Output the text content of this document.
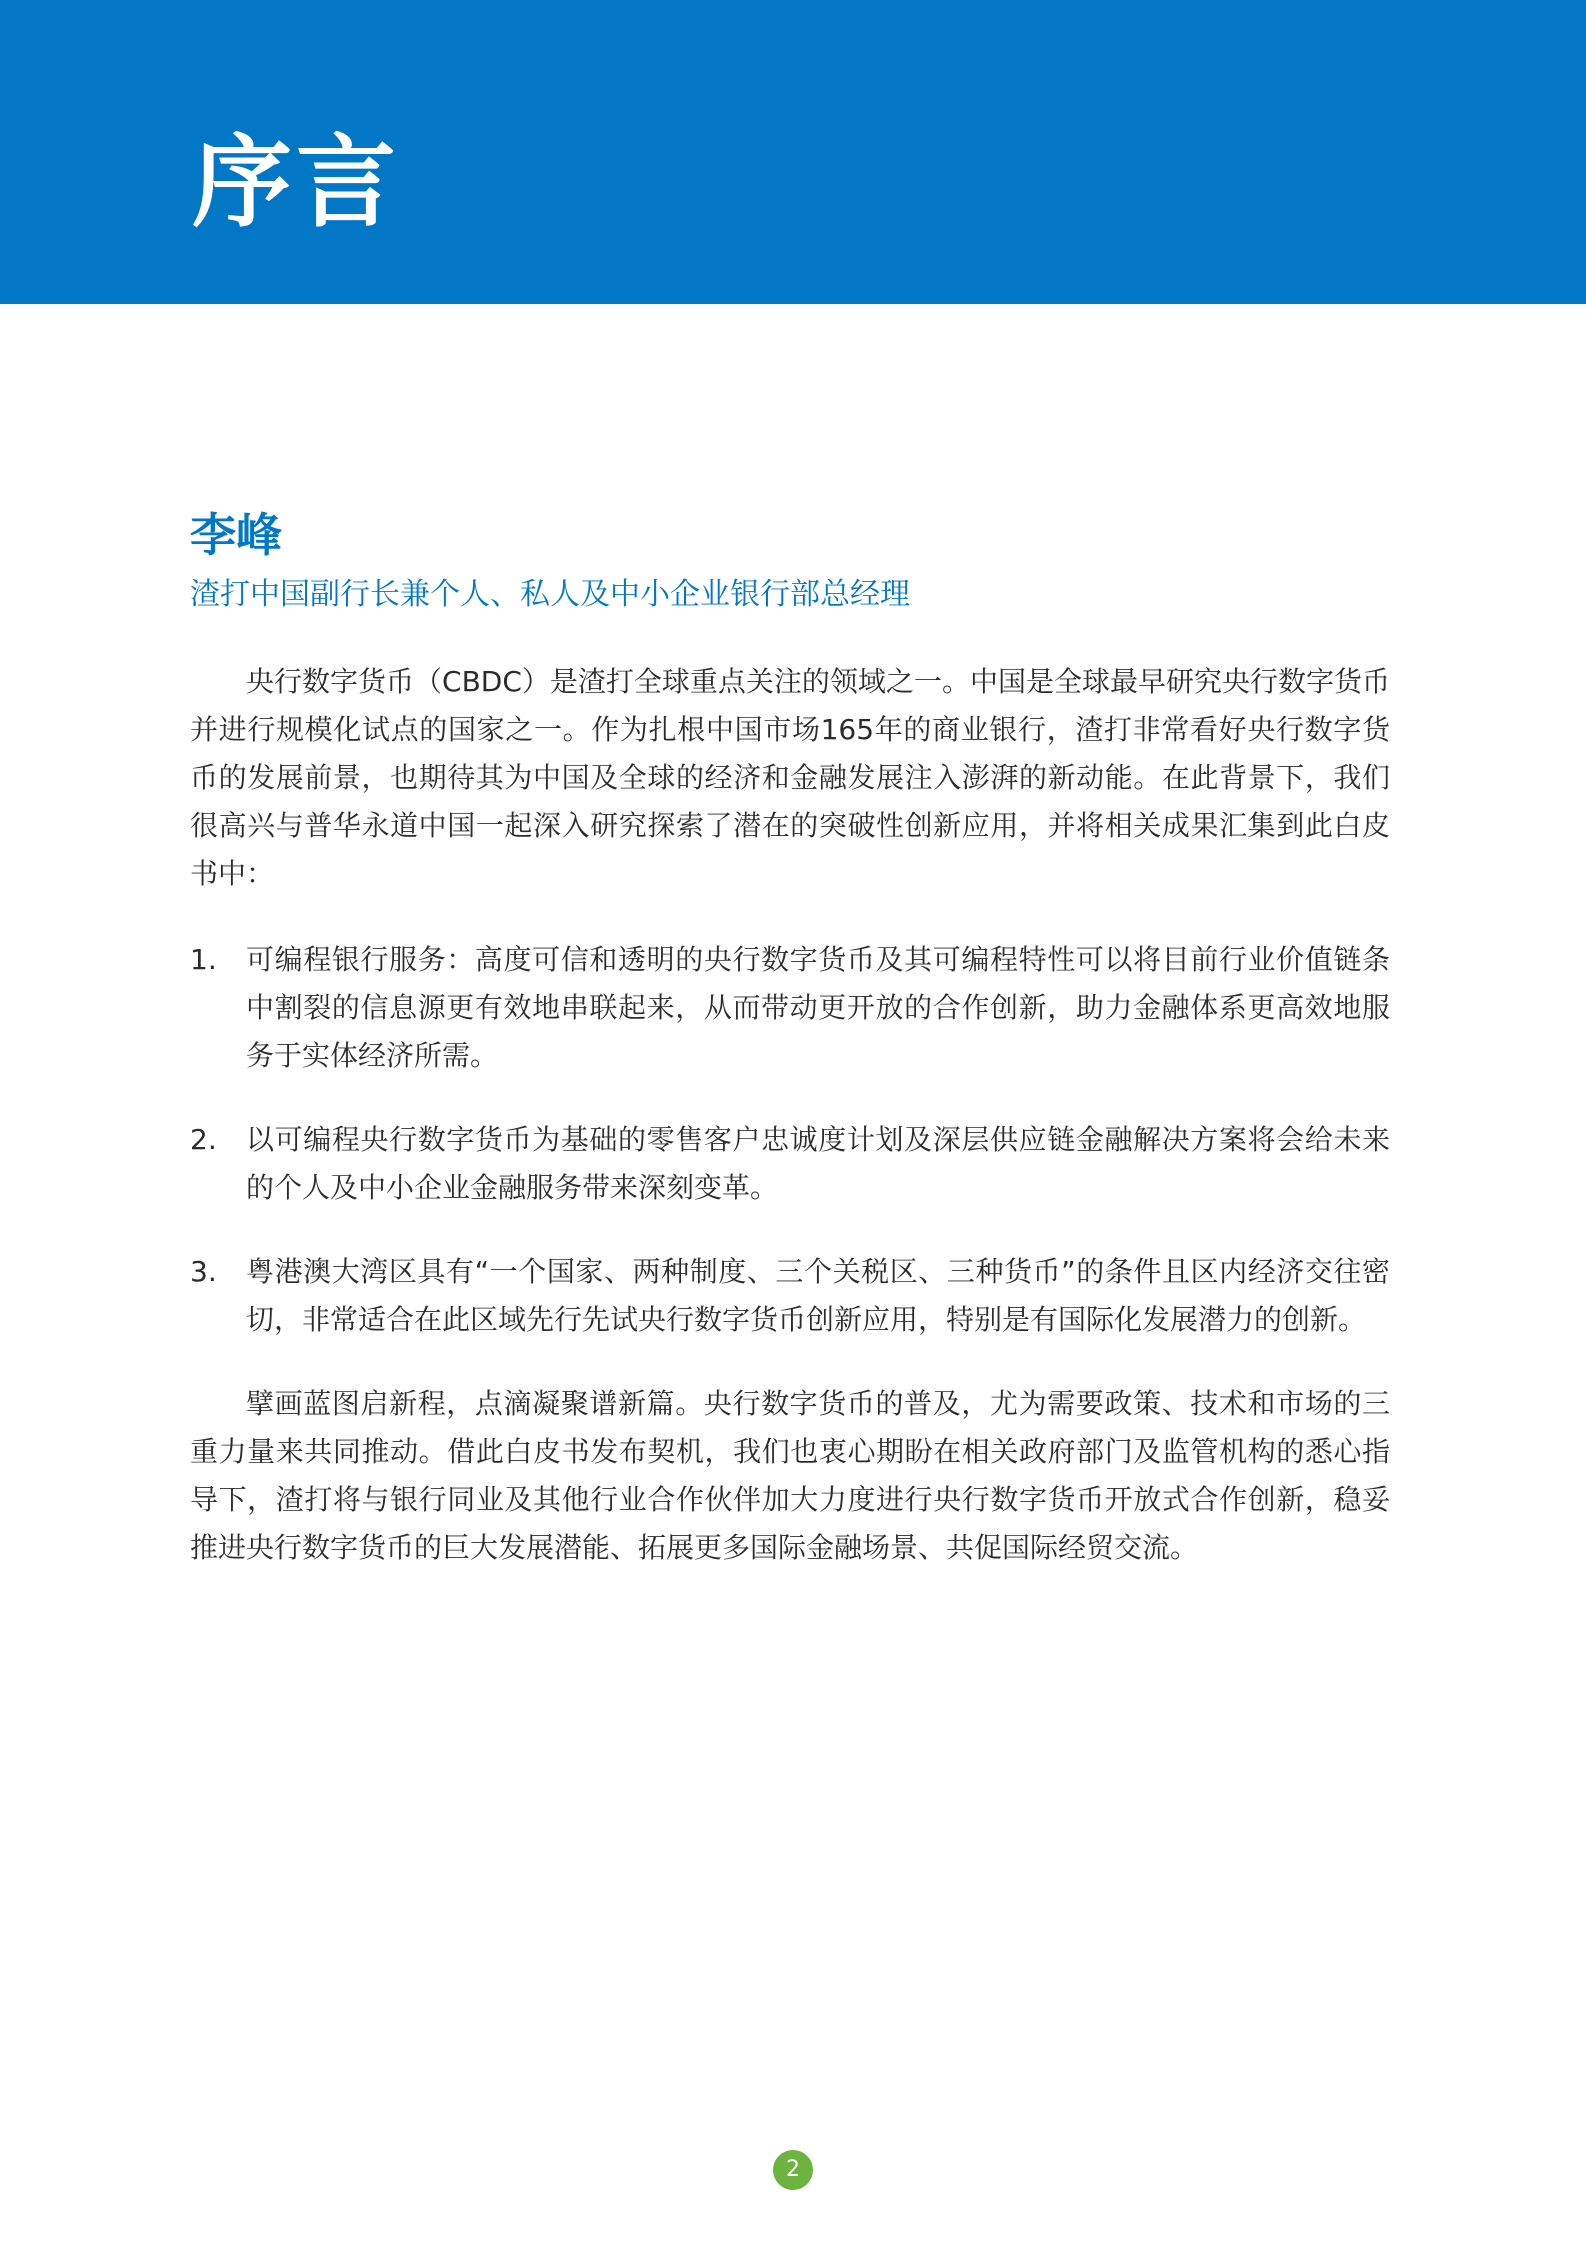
序言
李峰
渣打中国副行长兼个人、私人及中小企业银行部总经理

央行数字货币（CBDC）是渣打全球重点关注的领域之一。中国是全球最早研究央行数字货币并进行规模化试点的国家之一。作为扎根中国市场165年的商业银行，渣打非常看好央行数字货币的发展前景，也期待其为中国及全球的经济和金融发展注入澎湃的新动能。在此背景下，我们很高兴与普华永道中国一起深入研究探索了潜在的突破性创新应用，并将相关成果汇集到此白皮书中：

1.	可编程银行服务：高度可信和透明的央行数字货币及其可编程特性可以将目前行业价值链条中割裂的信息源更有效地串联起来，从而带动更开放的合作创新，助力金融体系更高效地服务于实体经济所需。
2.	以可编程央行数字货币为基础的零售客户忠诚度计划及深层供应链金融解决方案将会给未来的个人及中小企业金融服务带来深刻变革。
3.	粤港澳大湾区具有“一个国家、两种制度、三个关税区、三种货币”的条件且区内经济交往密切，非常适合在此区域先行先试央行数字货币创新应用，特别是有国际化发展潜力的创新。

擘画蓝图启新程，点滴凝聚谱新篇。央行数字货币的普及，尤为需要政策、技术和市场的三重力量来共同推动。借此白皮书发布契机，我们也衷心期盼在相关政府部门及监管机构的悉心指导下，渣打将与银行同业及其他行业合作伙伴加大力度进行央行数字货币开放式合作创新，稳妥推进央行数字货币的巨大发展潜能、拓展更多国际金融场景、共促国际经贸交流。

2
